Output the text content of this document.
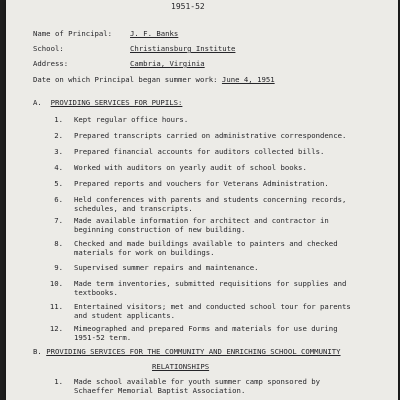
1951-52
Name of Principal: J. F. Banks
School:	Christiansburg Institute
Address:	Cambria, Virginia
Date on which Principal began summer work: June 4, 1951
A. PROVIDING SERVICES FOR PUPILS:
1. Kept regular office hours.
2. Prepared transcripts carried on administrative correspondence.
3. Prepared financial accounts for auditors collected bills.
4. Worked with auditors on yearly audit of school books.
5. Prepared reports and vouchers for Veterans Administration.
6. Held conferences with parents and students concerning records,
schedules, and transcripts.
7. Made available information for architect and contractor in
beginning construction of new building.
8. Checked and made buildings available to painters and checked
materials for work on buildings.
9. Supervised summer repairs and maintenance.
10. Made term inventories, submitted requisitions for supplies and
textbooks.
11. Entertained visitors; met and conducted school tour for parents
and student applicants.
12. Mimeographed and prepared Forms and materials for use during
1951-52 term.
B. PROVIDING SERVICES FOR THE COMMUNITY AND ENRICHING SCHOOL COMMUNITY
RELATIONSHIPS
1. Made school available for youth summer camp sponsored by
Schaeffer Memorial Baptist Association.
